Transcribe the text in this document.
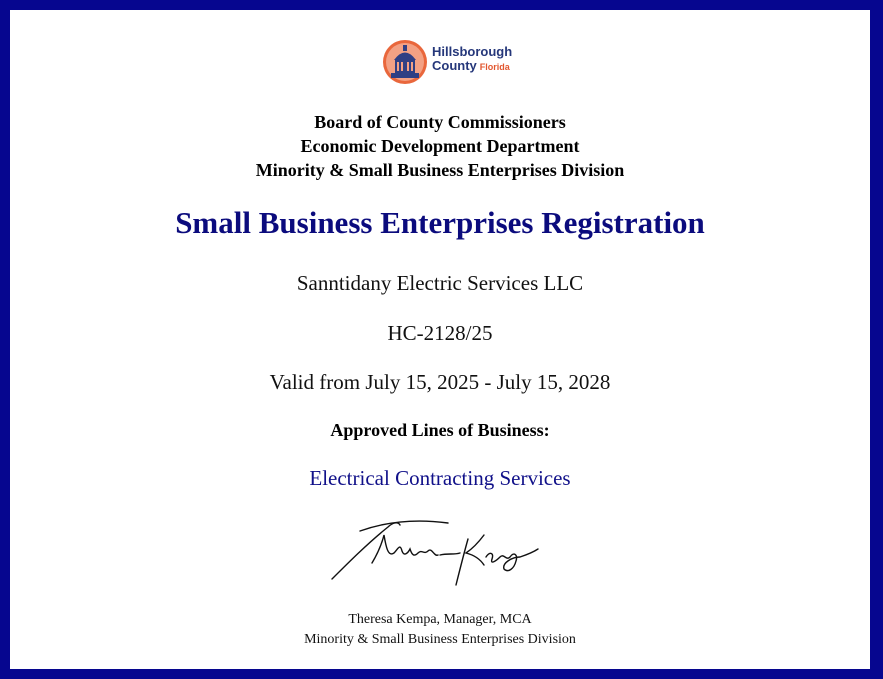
Hillsborough
County Florida
Board of County Commissioners
Economic Development Department
Minority & Small Business Enterprises Division
Small Business Enterprises Registration
Sanntidany Electric Services LLC
HC-2128/25
Valid from July 15, 2025 - July 15, 2028
Approved Lines of Business:
Electrical Contracting Services
Theresa Kempa, Manager, MCA
Minority & Small Business Enterprises Division
